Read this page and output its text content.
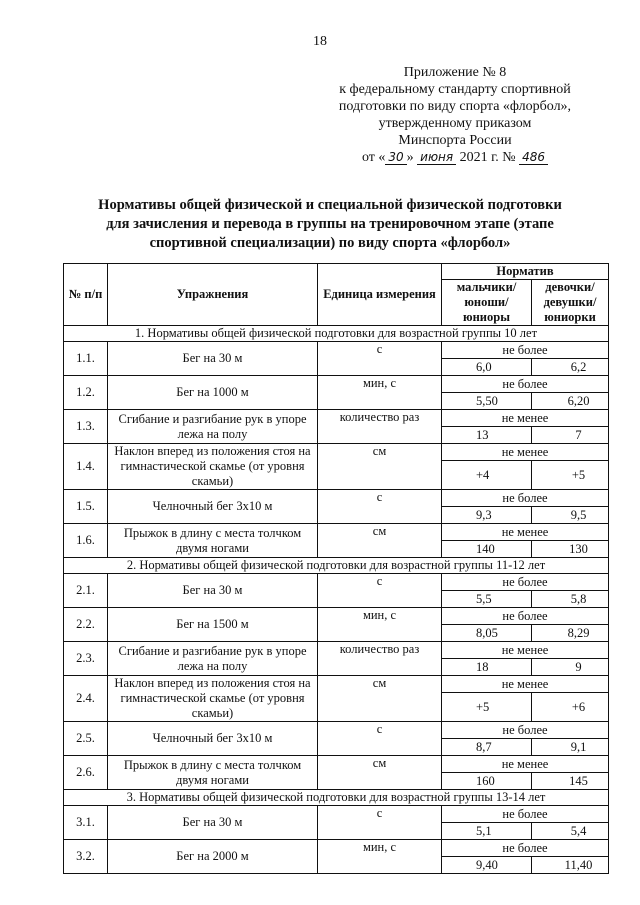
18
Приложение № 8
к федеральному стандарту спортивной
подготовки по виду спорта «флорбол»,
утвержденному приказом
Минспорта России
от « 30 » июня 2021 г. № 486
Нормативы общей физической и специальной физической подготовки
для зачисления и перевода в группы на тренировочном этапе (этапе
спортивной специализации) по виду спорта «флорбол»
№ п/п	Упражнения	Единица измерения	Норматив	
			мальчики/ юноши/ юниоры	девочки/ девушки/ юниорки
1. Нормативы общей физической подготовки для возрастной группы 10 лет				
1.1.	Бег на 30 м	с	не более	
			6,0	6,2
1.2.	Бег на 1000 м	мин, с	не более	
			5,50	6,20
1.3.	Сгибание и разгибание рук в упоре лежа на полу	количество раз	не менее	
			13	7
1.4.	Наклон вперед из положения стоя на гимнастической скамье (от уровня скамьи)	см	не менее	
			+4	+5
1.5.	Челночный бег 3х10 м	с	не более	
			9,3	9,5
1.6.	Прыжок в длину с места толчком двумя ногами	см	не менее	
			140	130
2. Нормативы общей физической подготовки для возрастной группы 11-12 лет				
2.1.	Бег на 30 м	с	не более	
			5,5	5,8
2.2.	Бег на 1500 м	мин, с	не более	
			8,05	8,29
2.3.	Сгибание и разгибание рук в упоре лежа на полу	количество раз	не менее	
			18	9
2.4.	Наклон вперед из положения стоя на гимнастической скамье (от уровня скамьи)	см	не менее	
			+5	+6
2.5.	Челночный бег 3х10 м	с	не более	
			8,7	9,1
2.6.	Прыжок в длину с места толчком двумя ногами	см	не менее	
			160	145
3. Нормативы общей физической подготовки для возрастной группы 13-14 лет				
3.1.	Бег на 30 м	с	не более	
			5,1	5,4
3.2.	Бег на 2000 м	мин, с	не более	
			9,40	11,40
